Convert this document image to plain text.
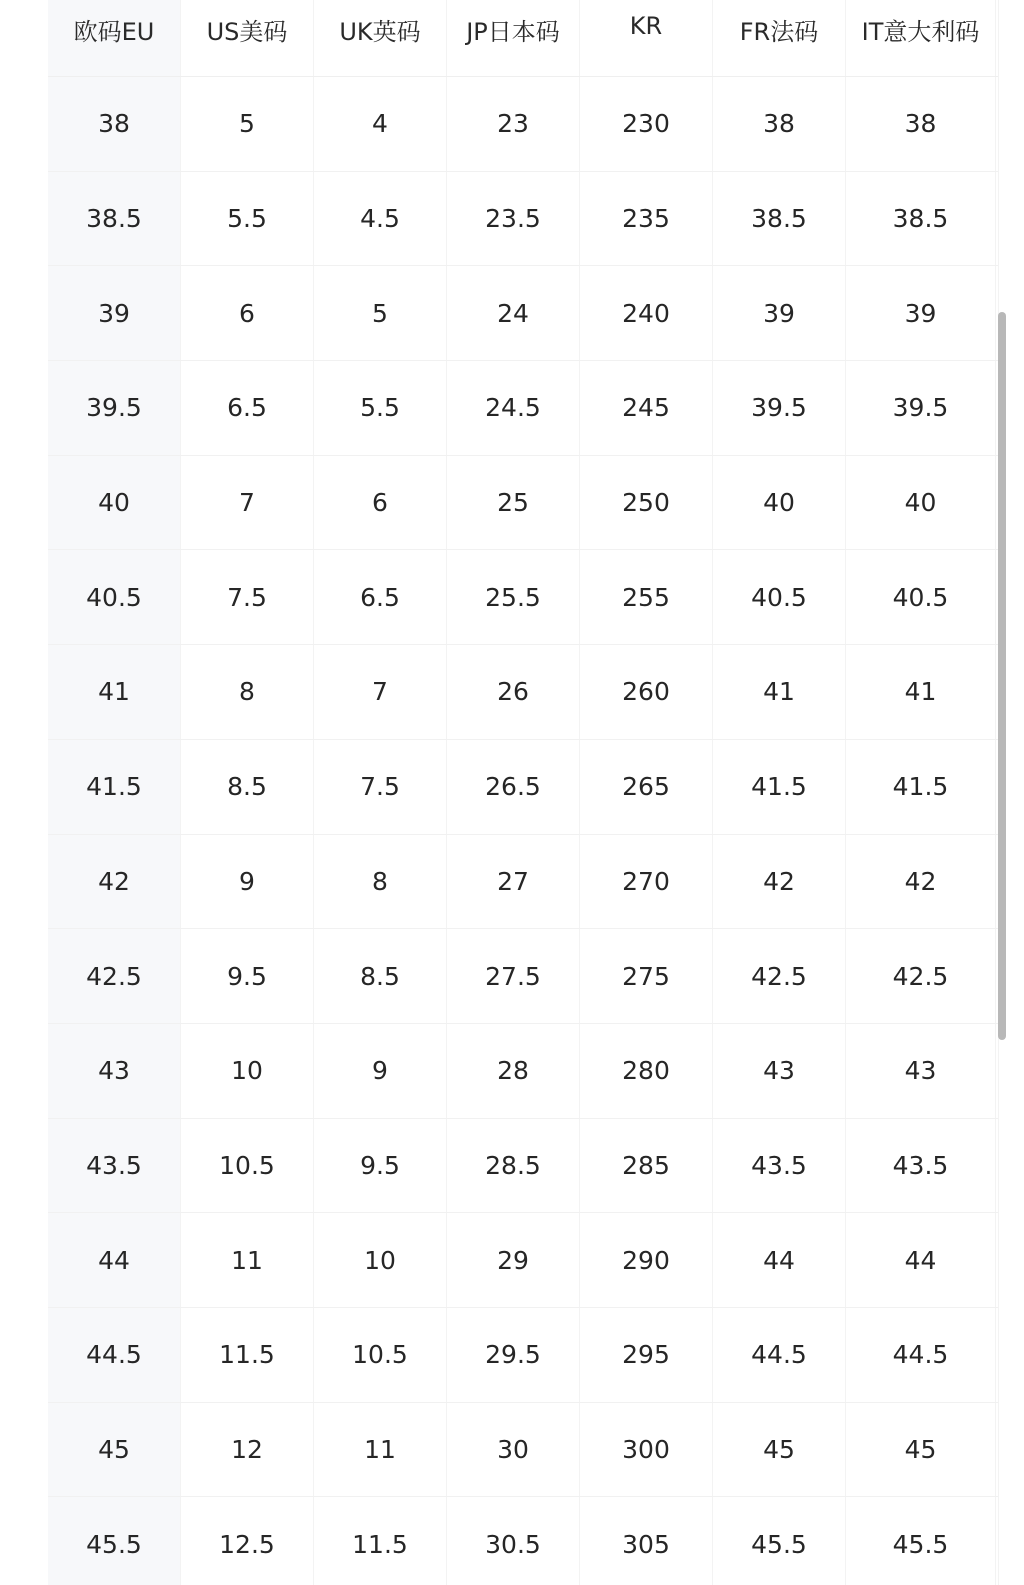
欧码EU	US美码	UK英码	JP日本码	KR	FR法码	IT意大利码
38	5	4	23	230	38	38
38.5	5.5	4.5	23.5	235	38.5	38.5
39	6	5	24	240	39	39
39.5	6.5	5.5	24.5	245	39.5	39.5
40	7	6	25	250	40	40
40.5	7.5	6.5	25.5	255	40.5	40.5
41	8	7	26	260	41	41
41.5	8.5	7.5	26.5	265	41.5	41.5
42	9	8	27	270	42	42
42.5	9.5	8.5	27.5	275	42.5	42.5
43	10	9	28	280	43	43
43.5	10.5	9.5	28.5	285	43.5	43.5
44	11	10	29	290	44	44
44.5	11.5	10.5	29.5	295	44.5	44.5
45	12	11	30	300	45	45
45.5	12.5	11.5	30.5	305	45.5	45.5
